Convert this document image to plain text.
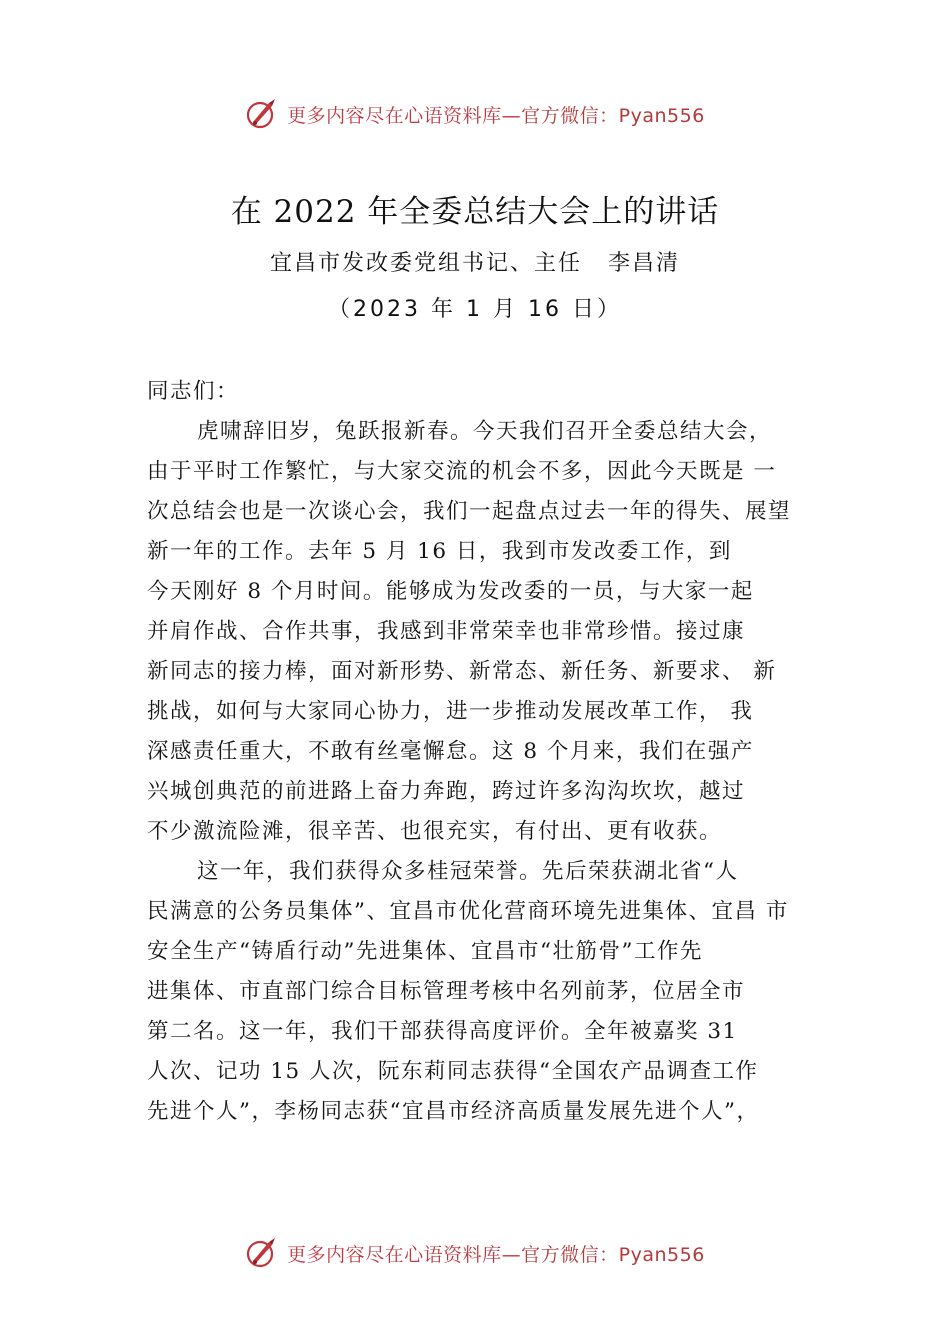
更多内容尽在心语资料库—官方微信：Pyan556
在 2022 年全委总结大会上的讲话
宜昌市发改委党组书记、主任 李昌清
（2023 年 1 月 16 日）
同志们：
虎啸辞旧岁，兔跃报新春。今天我们召开全委总结大会，
由于平时工作繁忙，与大家交流的机会不多，因此今天既是 一
次总结会也是一次谈心会，我们一起盘点过去一年的得失、展望
新一年的工作。去年 5 月 16 日，我到市发改委工作，到
今天刚好 8 个月时间。能够成为发改委的一员，与大家一起
并肩作战、合作共事，我感到非常荣幸也非常珍惜。接过康
新同志的接力棒，面对新形势、新常态、新任务、新要求、 新
挑战，如何与大家同心协力，进一步推动发展改革工作， 我
深感责任重大，不敢有丝毫懈怠。这 8 个月来，我们在强产
兴城创典范的前进路上奋力奔跑，跨过许多沟沟坎坎，越过
不少激流险滩，很辛苦、也很充实，有付出、更有收获。
这一年，我们获得众多桂冠荣誉。先后荣获湖北省“人
民满意的公务员集体”、宜昌市优化营商环境先进集体、宜昌 市
安全生产“铸盾行动”先进集体、宜昌市“壮筋骨”工作先
进集体、市直部门综合目标管理考核中名列前茅，位居全市
第二名。这一年，我们干部获得高度评价。全年被嘉奖 31
人次、记功 15 人次，阮东莉同志获得“全国农产品调查工作
先进个人”，李杨同志获“宜昌市经济高质量发展先进个人”，
更多内容尽在心语资料库—官方微信：Pyan556
